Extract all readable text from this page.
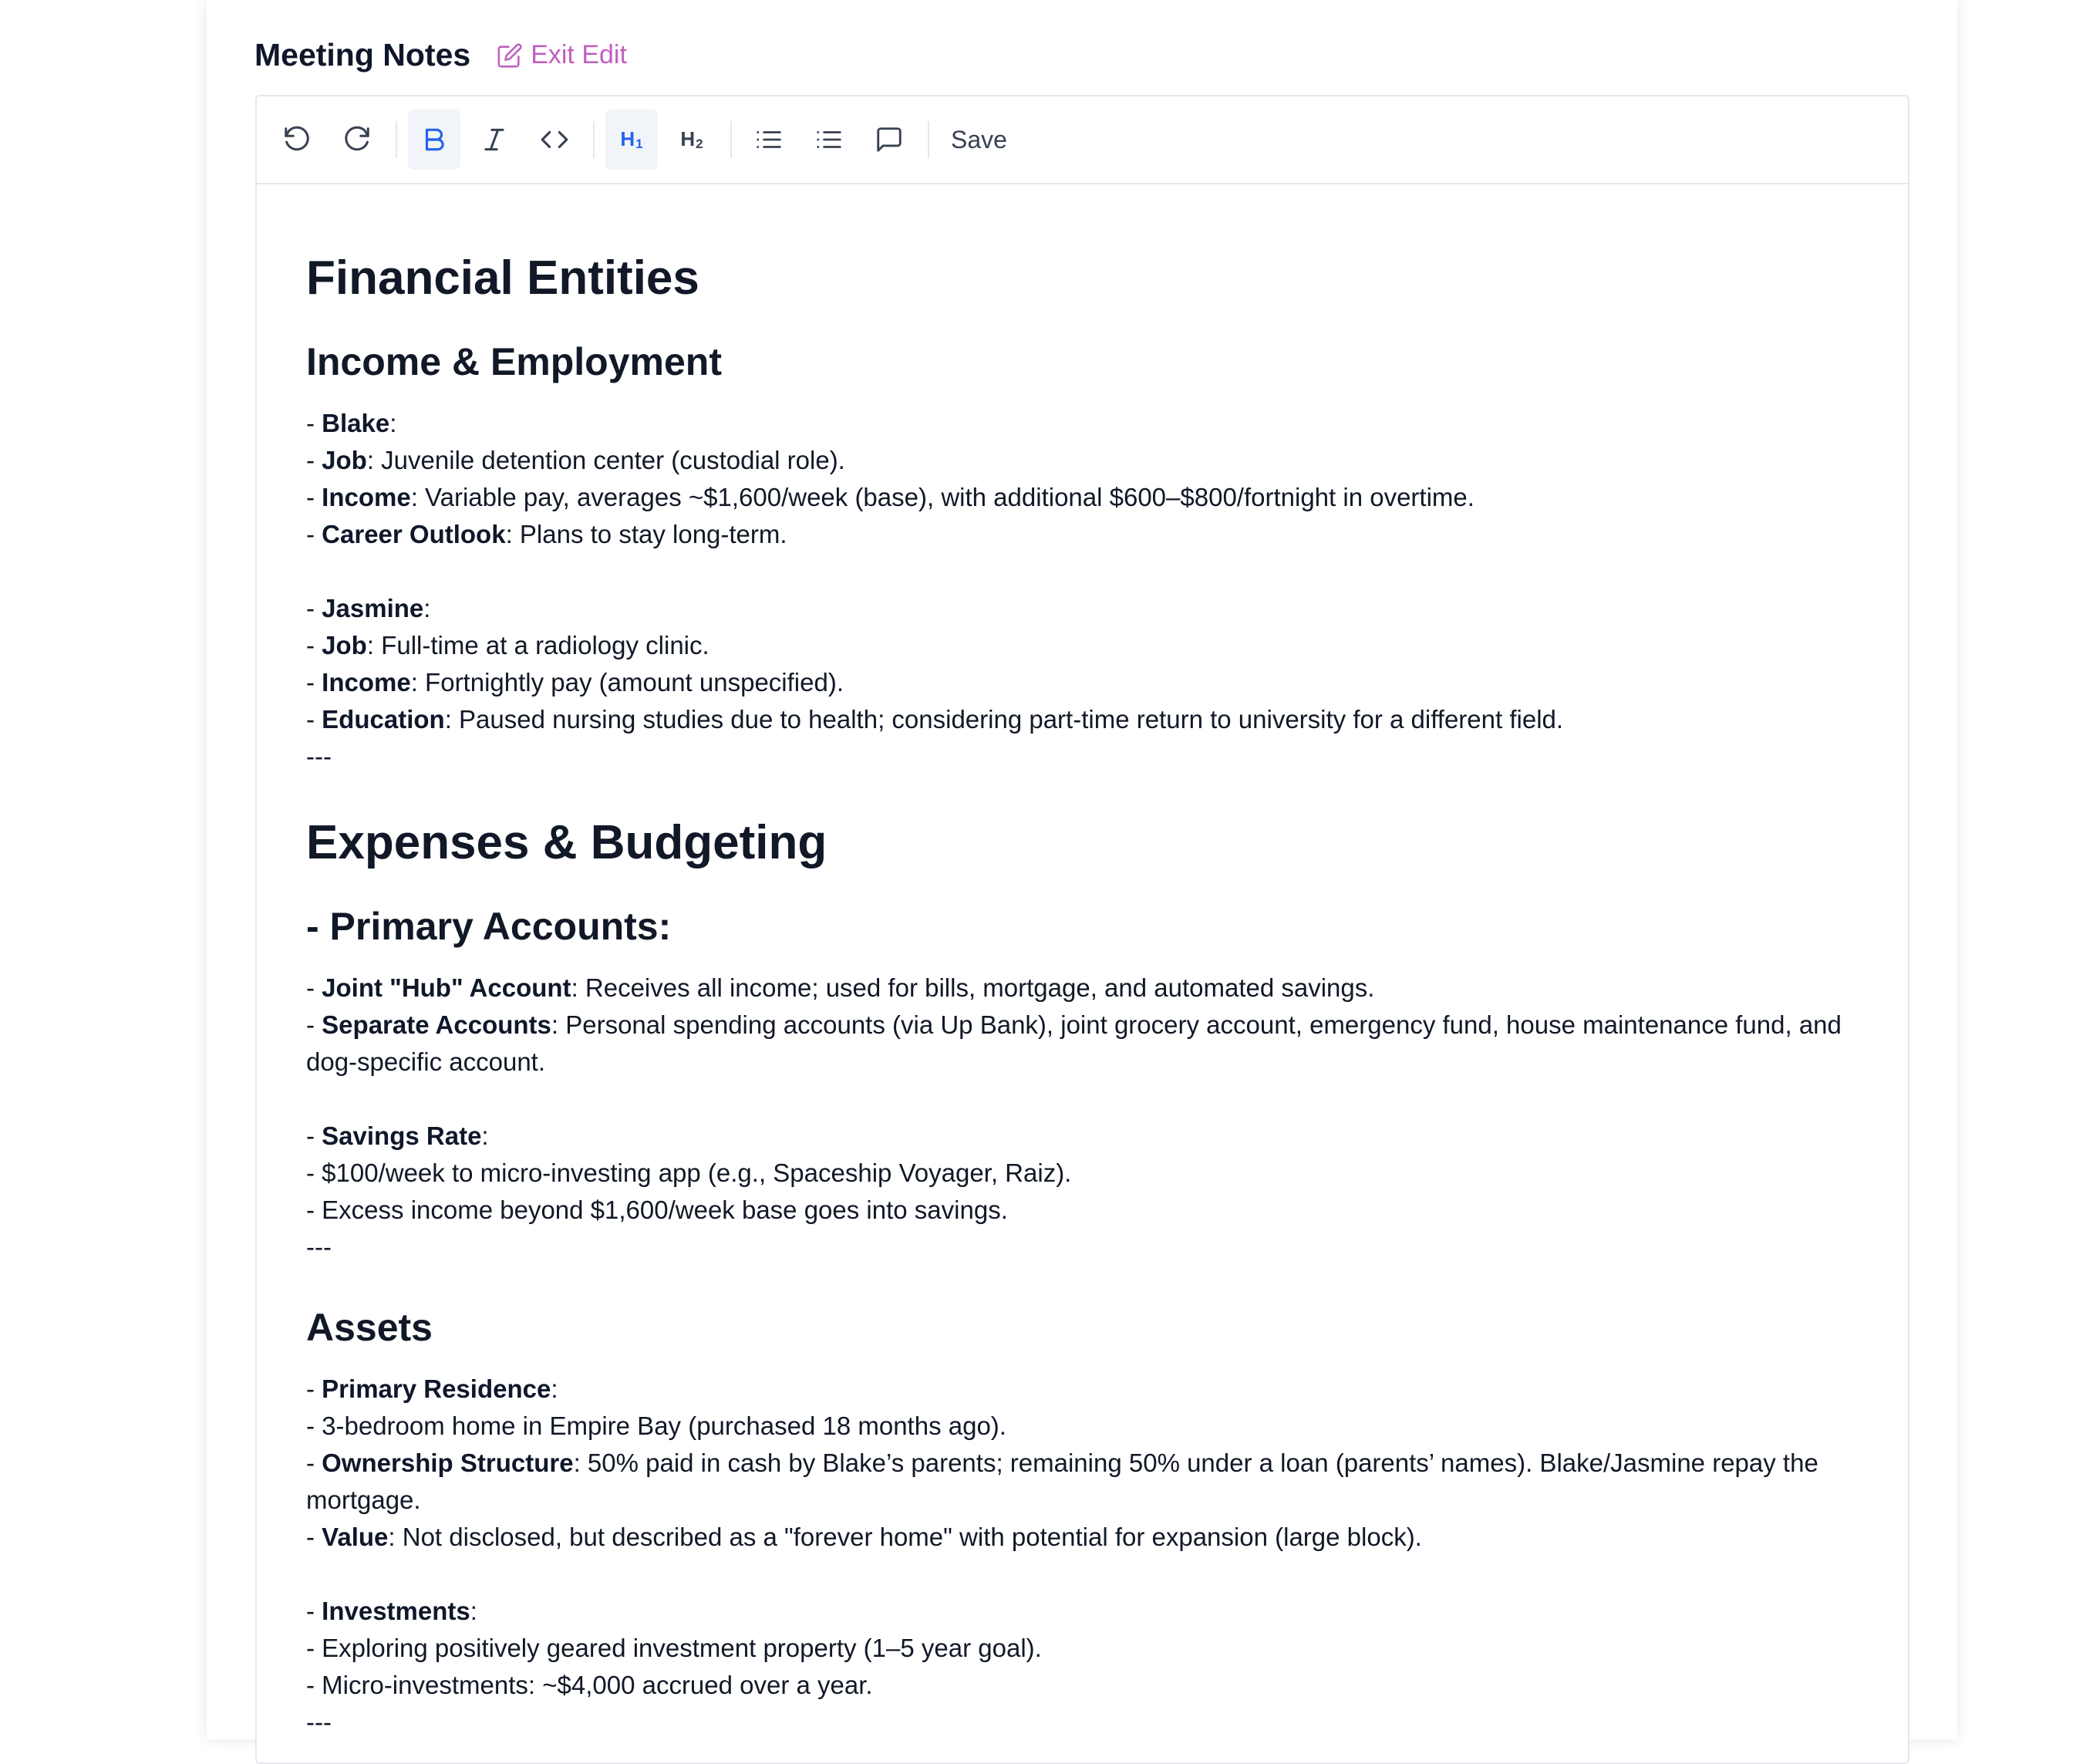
Meeting Notes Exit Edit
$H_1$ $H_2$	Save
Financial Entities
Income & Employment

- Blake:

- Job: Juvenile detention center (custodial role).

- Income: Variable pay, averages ~$1,600/week (base), with additional $600–$800/fortnight in overtime.

- Career Outlook: Plans to stay long-term.

- Jasmine:

- Job: Full-time at a radiology clinic.

- Income: Fortnightly pay (amount unspecified).

- Education: Paused nursing studies due to health; considering part-time return to university for a different field.

---

Expenses & Budgeting
- Primary Accounts:

- Joint "Hub" Account: Receives all income; used for bills, mortgage, and automated savings.

- Separate Accounts: Personal spending accounts (via Up Bank), joint grocery account, emergency fund, house maintenance fund, and dog-specific account.

- Savings Rate:

- $100/week to micro-investing app (e.g., Spaceship Voyager, Raiz).

- Excess income beyond $1,600/week base goes into savings.

---

Assets

- Primary Residence:

- 3-bedroom home in Empire Bay (purchased 18 months ago).

- Ownership Structure: 50% paid in cash by Blake’s parents; remaining 50% under a loan (parents’ names). Blake/Jasmine repay the mortgage.

- Value: Not disclosed, but described as a "forever home" with potential for expansion (large block).

- Investments:

- Exploring positively geared investment property (1–5 year goal).

- Micro-investments: ~$4,000 accrued over a year.

---
